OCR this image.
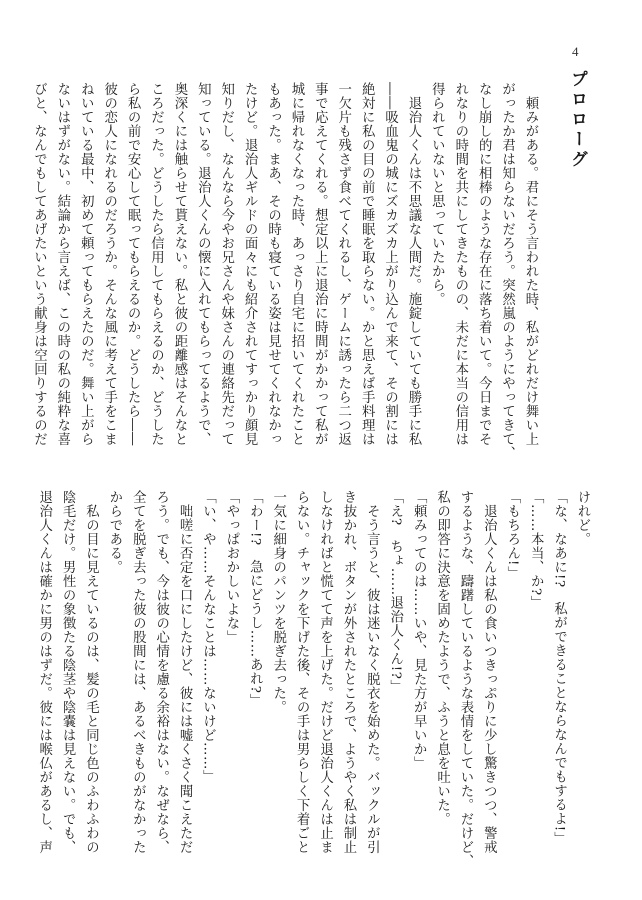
4
プロローグ
　頼みがある。君にそう言われた時、私がどれだけ舞い上
がったか君は知らないだろう。突然嵐のようにやってきて、
なし崩し的に相棒のような存在に落ち着いて。今日までそ
れなりの時間を共にしてきたものの、未だに本当の信用は
得られていないと思っていたから。
　退治人くんは不思議な人間だ。施錠していても勝手に私
――吸血鬼の城にズカズカ上がり込んで来て、その割には
絶対に私の目の前で睡眠を取らない。かと思えば手料理は
一欠片も残さず食べてくれるし、ゲームに誘ったら二つ返
事で応えてくれる。想定以上に退治に時間がかかって私が
城に帰れなくなった時、あっさり自宅に招いてくれたこと
もあった。まあ、その時も寝ている姿は見せてくれなかっ
たけど。退治人ギルドの面々にも紹介されてすっかり顔見
知りだし、なんなら今やお兄さんや妹さんの連絡先だって
知っている。退治人くんの懐に入れてもらってるようで、
奥深くには触らせて貰えない。私と彼の距離感はそんなと
ころだった。どうしたら信用してもらえるのか、どうした
ら私の前で安心して眠ってもらえるのか。どうしたら――
彼の恋人になれるのだろうか。そんな風に考えて手をこま
ねいている最中、初めて頼ってもらえたのだ。舞い上がら
ないはずがない。結論から言えば、この時の私の純粋な喜
びと、なんでもしてあげたいという献身は空回りするのだ
けれど。
「な、なあに!?　私ができることならなんでもするよ!」
「……本当、か?」
「もちろん!」
　退治人くんは私の食いつきっぷりに少し驚きつつ、警戒
するような、躊躇しているような表情をしていた。だけど、
私の即答に決意を固めたようで、ふうと息を吐いた。
「頼みってのは……いや、見た方が早いか」
「え?　ちょ……退治人くん!?」
　そう言うと、彼は迷いなく脱衣を始めた。バックルが引
き抜かれ、ボタンが外されたところで、ようやく私は制止
しなければと慌てて声を上げた。だけど退治人くんは止ま
らない。チャックを下げた後、その手は男らしく下着ごと
一気に細身のパンツを脱ぎ去った。
「わー!?　急にどうし……あれ?」
「やっぱおかしいよな」
「い、や……そんなことは……ないけど……」
　咄嗟に否定を口にしたけど、彼には嘘くさく聞こえただ
ろう。でも、今は彼の心情を慮る余裕はない。なぜなら、
全てを脱ぎ去った彼の股間には、あるべきものがなかった
からである。
　私の目に見えているのは、髪の毛と同じ色のふわふわの
陰毛だけ。男性の象徴たる陰茎や陰嚢は見えない。でも、
退治人くんは確かに男のはずだ。彼には喉仏があるし、声
